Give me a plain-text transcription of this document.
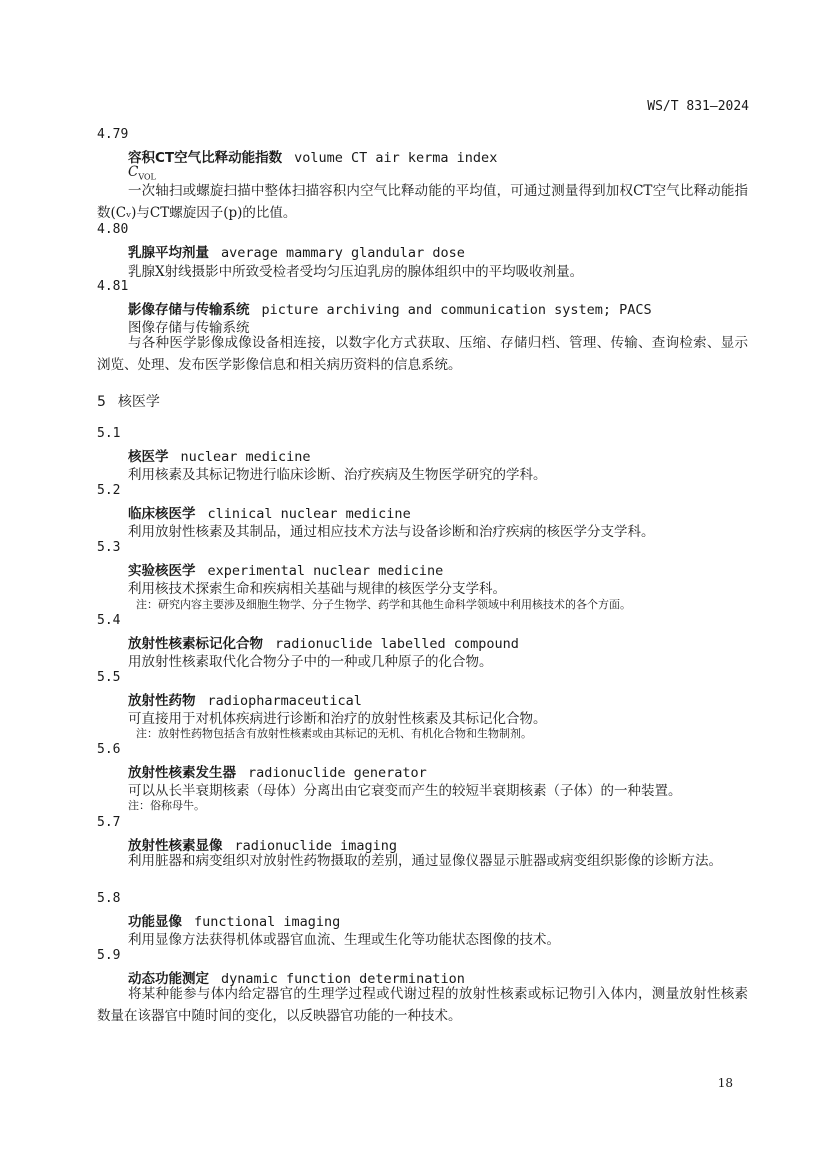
WS/T 831—2024
4.79
容积CT空气比释动能指数 volume CT air kerma index
$C_{VOL}$
一次轴扫或螺旋扫描中整体扫描容积内空气比释动能的平均值，可通过测量得到加权CT空气比释动能指数(Cᵥ)与CT螺旋因子(p)的比值。
4.80
乳腺平均剂量 average mammary glandular dose
乳腺X射线摄影中所致受检者受均匀压迫乳房的腺体组织中的平均吸收剂量。
4.81
影像存储与传输系统 picture archiving and communication system; PACS
图像存储与传输系统
与各种医学影像成像设备相连接，以数字化方式获取、压缩、存储归档、管理、传输、查询检索、显示浏览、处理、发布医学影像信息和相关病历资料的信息系统。
5 核医学
5.1
核医学 nuclear medicine
利用核素及其标记物进行临床诊断、治疗疾病及生物医学研究的学科。
5.2
临床核医学 clinical nuclear medicine
利用放射性核素及其制品，通过相应技术方法与设备诊断和治疗疾病的核医学分支学科。
5.3
实验核医学 experimental nuclear medicine
利用核技术探索生命和疾病相关基础与规律的核医学分支学科。
注：研究内容主要涉及细胞生物学、分子生物学、药学和其他生命科学领域中利用核技术的各个方面。
5.4
放射性核素标记化合物 radionuclide labelled compound
用放射性核素取代化合物分子中的一种或几种原子的化合物。
5.5
放射性药物 radiopharmaceutical
可直接用于对机体疾病进行诊断和治疗的放射性核素及其标记化合物。
注：放射性药物包括含有放射性核素或由其标记的无机、有机化合物和生物制剂。
5.6
放射性核素发生器 radionuclide generator
可以从长半衰期核素（母体）分离出由它衰变而产生的较短半衰期核素（子体）的一种装置。
注：俗称母牛。
5.7
放射性核素显像 radionuclide imaging
利用脏器和病变组织对放射性药物摄取的差别，通过显像仪器显示脏器或病变组织影像的诊断方法。
5.8
功能显像 functional imaging
利用显像方法获得机体或器官血流、生理或生化等功能状态图像的技术。
5.9
动态功能测定 dynamic function determination
将某种能参与体内给定器官的生理学过程或代谢过程的放射性核素或标记物引入体内，测量放射性核素数量在该器官中随时间的变化，以反映器官功能的一种技术。
18
